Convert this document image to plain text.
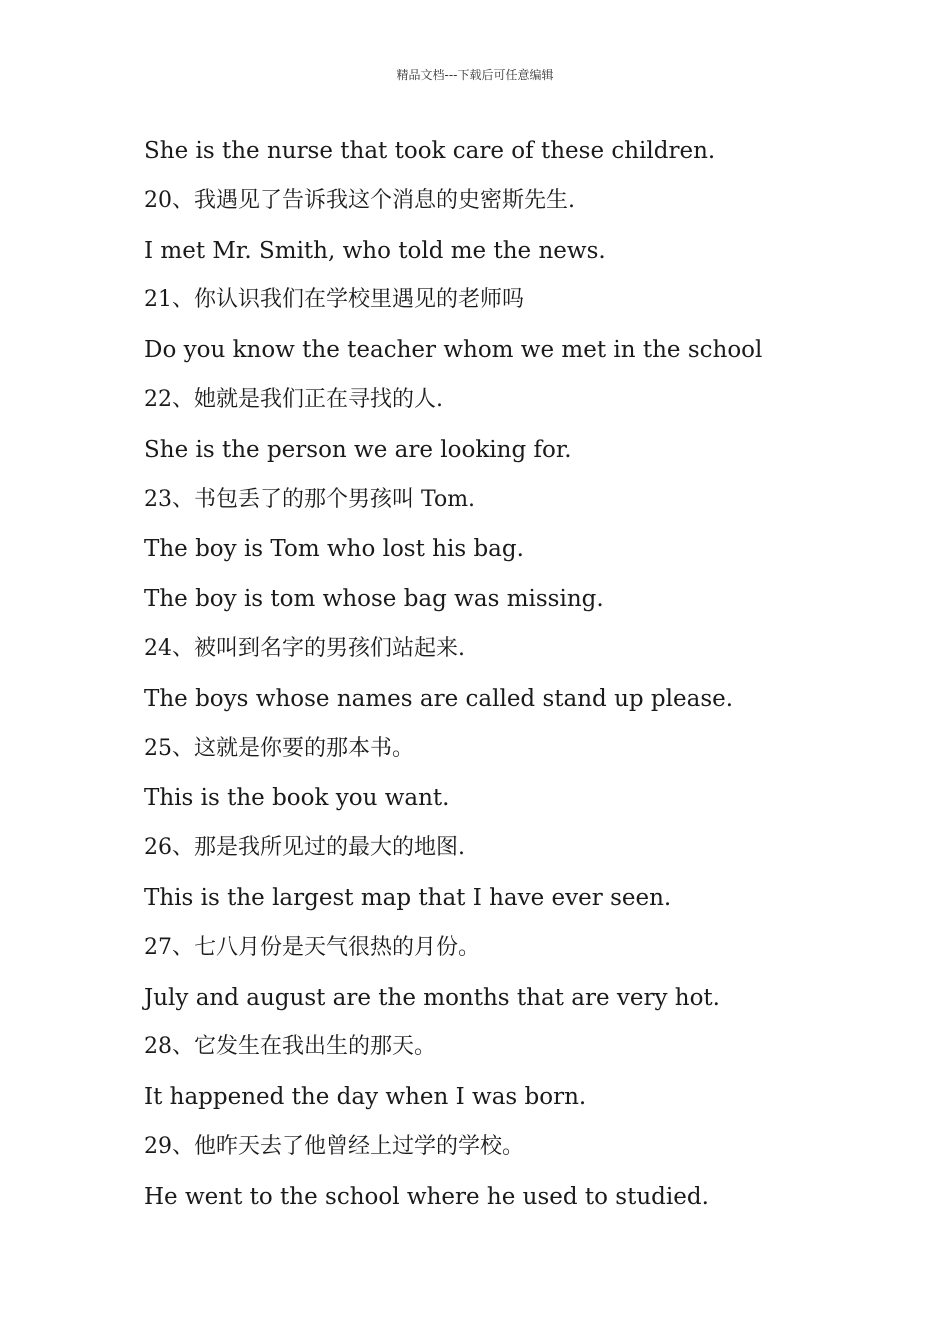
精品文档---下载后可任意编辑
She is the nurse that took care of these children.
20、我遇见了告诉我这个消息的史密斯先生.
I met Mr. Smith, who told me the news.
21、你认识我们在学校里遇见的老师吗
Do you know the teacher whom we met in the school
22、她就是我们正在寻找的人.
She is the person we are looking for.
23、书包丢了的那个男孩叫 Tom.
The boy is Tom who lost his bag.
The boy is tom whose bag was missing.
24、被叫到名字的男孩们站起来.
The boys whose names are called stand up please.
25、这就是你要的那本书。
This is the book you want.
26、那是我所见过的最大的地图.
This is the largest map that I have ever seen.
27、七八月份是天气很热的月份。
July and august are the months that are very hot.
28、它发生在我出生的那天。
It happened the day when I was born.
29、他昨天去了他曾经上过学的学校。
He went to the school where he used to studied.
